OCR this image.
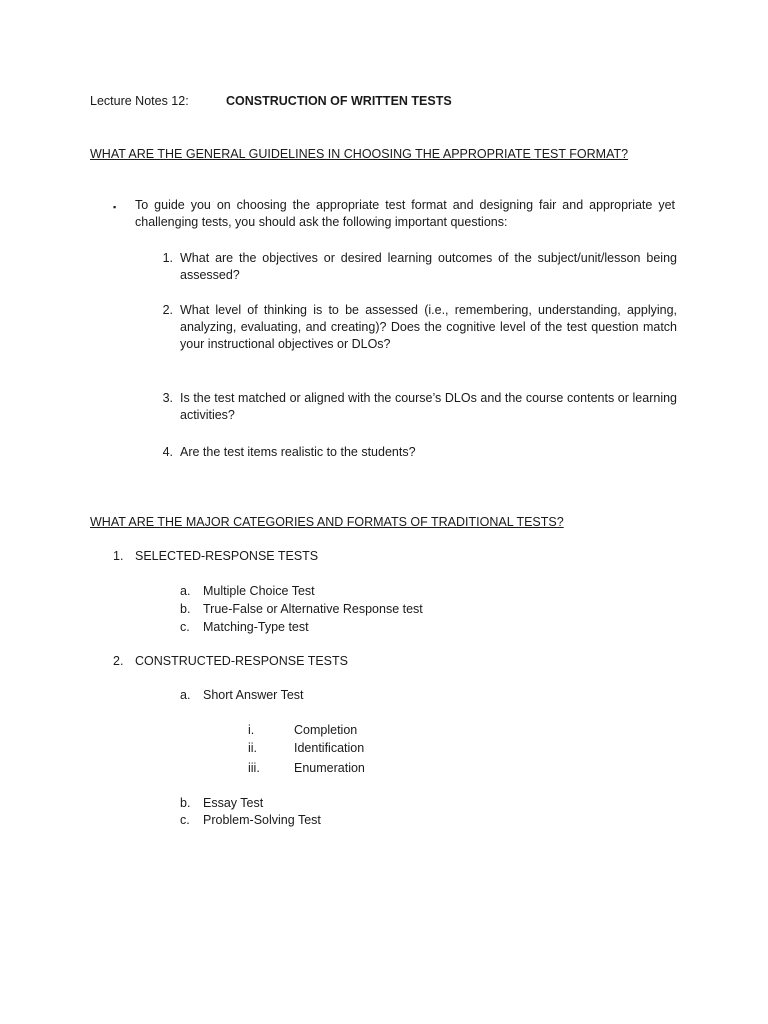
Lecture Notes 12:	CONSTRUCTION OF WRITTEN TESTS
WHAT ARE THE GENERAL GUIDELINES IN CHOOSING THE APPROPRIATE TEST FORMAT?
▪ To guide you on choosing the appropriate test format and designing fair and appropriate yet challenging tests, you should ask the following important questions:
1. What are the objectives or desired learning outcomes of the subject/unit/lesson being assessed?
2. What level of thinking is to be assessed (i.e., remembering, understanding, applying, analyzing, evaluating, and creating)? Does the cognitive level of the test question match your instructional objectives or DLOs?
3. Is the test matched or aligned with the course’s DLOs and the course contents or learning activities?
4. Are the test items realistic to the students?
WHAT ARE THE MAJOR CATEGORIES AND FORMATS OF TRADITIONAL TESTS?
1. SELECTED-RESPONSE TESTS
a. Multiple Choice Test
b. True-False or Alternative Response test
c. Matching-Type test
2. CONSTRUCTED-RESPONSE TESTS
a. Short Answer Test
i.	Completion
ii.	Identification
iii.	Enumeration
b. Essay Test
c. Problem-Solving Test
